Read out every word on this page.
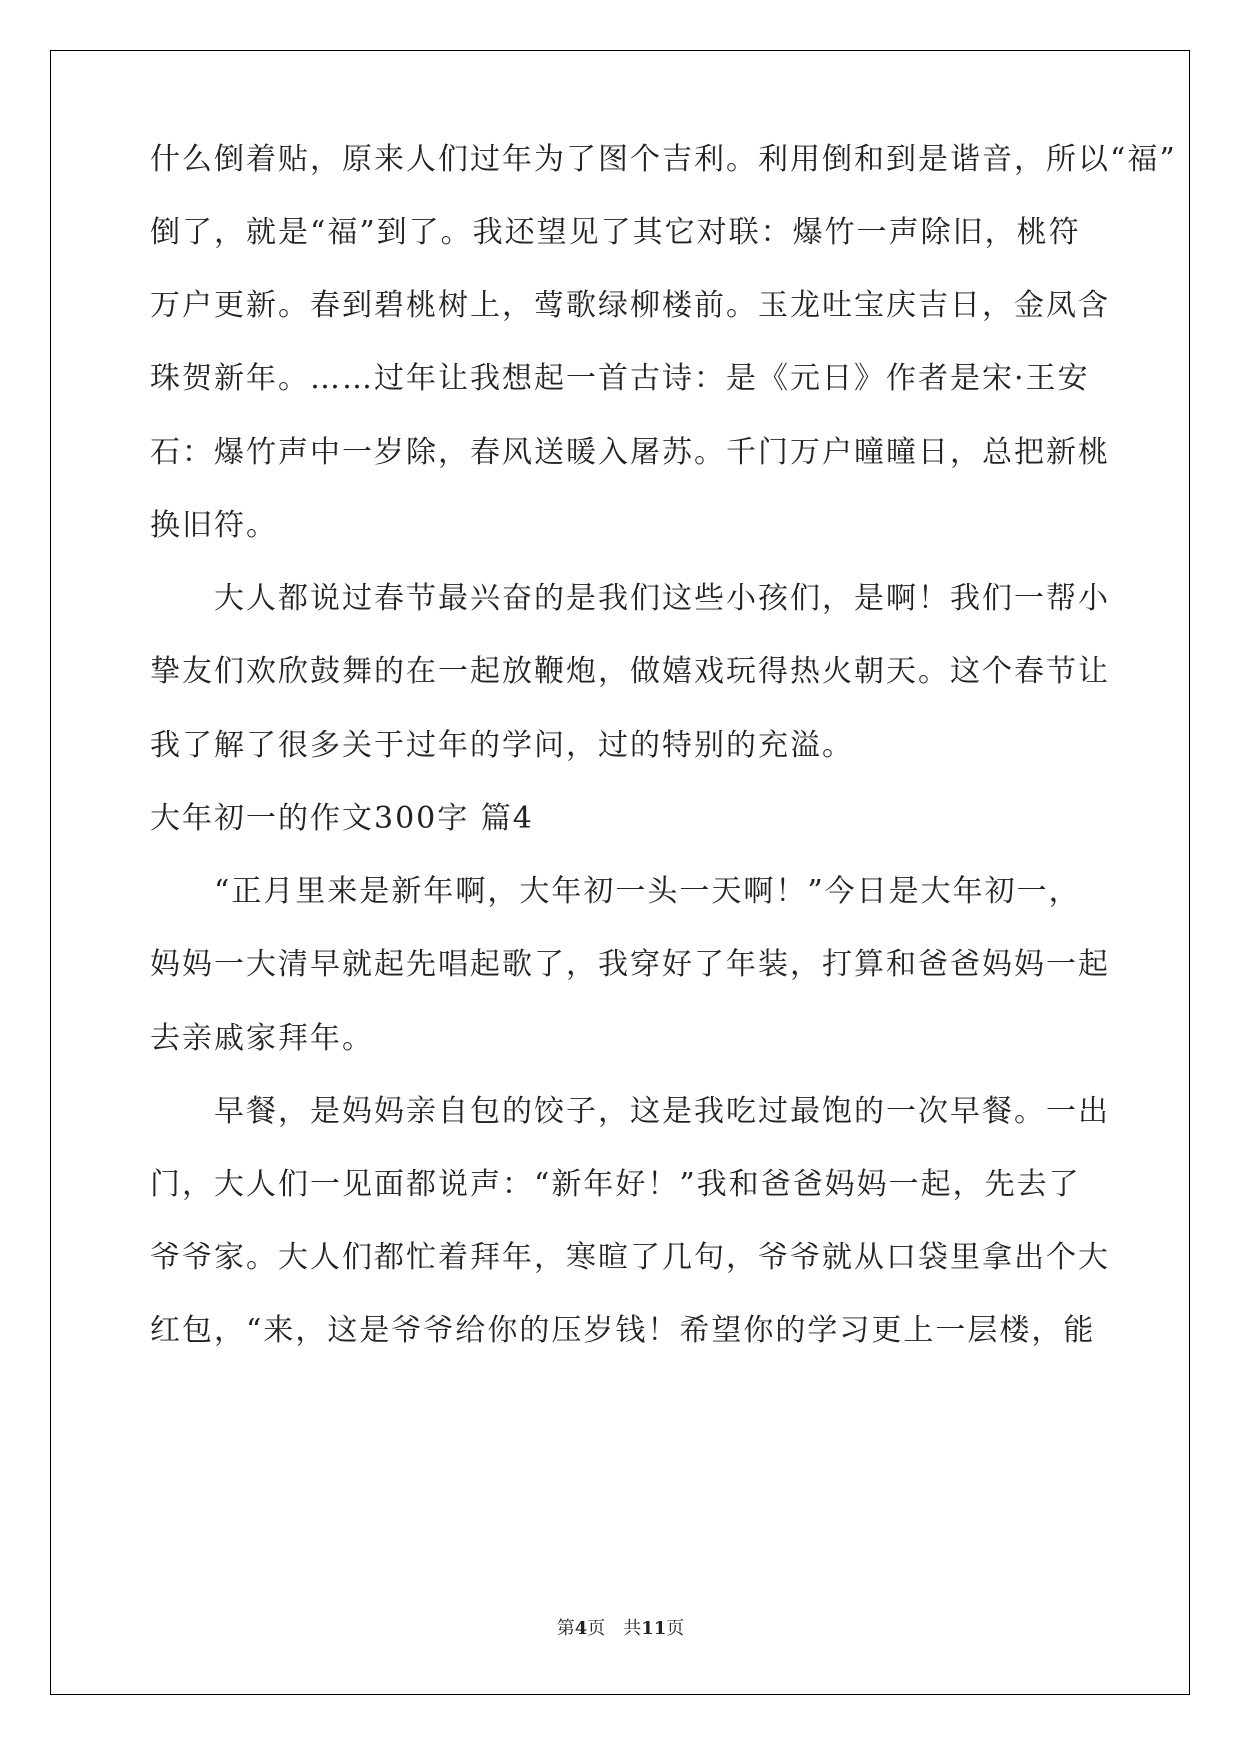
什么倒着贴，原来人们过年为了图个吉利。利用倒和到是谐音，所以“福”
倒了，就是“福”到了。我还望见了其它对联：爆竹一声除旧，桃符
万户更新。春到碧桃树上，莺歌绿柳楼前。玉龙吐宝庆吉日，金凤含
珠贺新年。……过年让我想起一首古诗：是《元日》作者是宋·王安
石：爆竹声中一岁除，春风送暖入屠苏。千门万户曈曈日，总把新桃
换旧符。
　　大人都说过春节最兴奋的是我们这些小孩们，是啊！我们一帮小
挚友们欢欣鼓舞的在一起放鞭炮，做嬉戏玩得热火朝天。这个春节让
我了解了很多关于过年的学问，过的特别的充溢。
大年初一的作文300字 篇4
　　“正月里来是新年啊，大年初一头一天啊！”今日是大年初一，
妈妈一大清早就起先唱起歌了，我穿好了年装，打算和爸爸妈妈一起
去亲戚家拜年。
　　早餐，是妈妈亲自包的饺子，这是我吃过最饱的一次早餐。一出
门，大人们一见面都说声：“新年好！”我和爸爸妈妈一起，先去了
爷爷家。大人们都忙着拜年，寒暄了几句，爷爷就从口袋里拿出个大
红包，“来，这是爷爷给你的压岁钱！希望你的学习更上一层楼，能
第4页　共11页
